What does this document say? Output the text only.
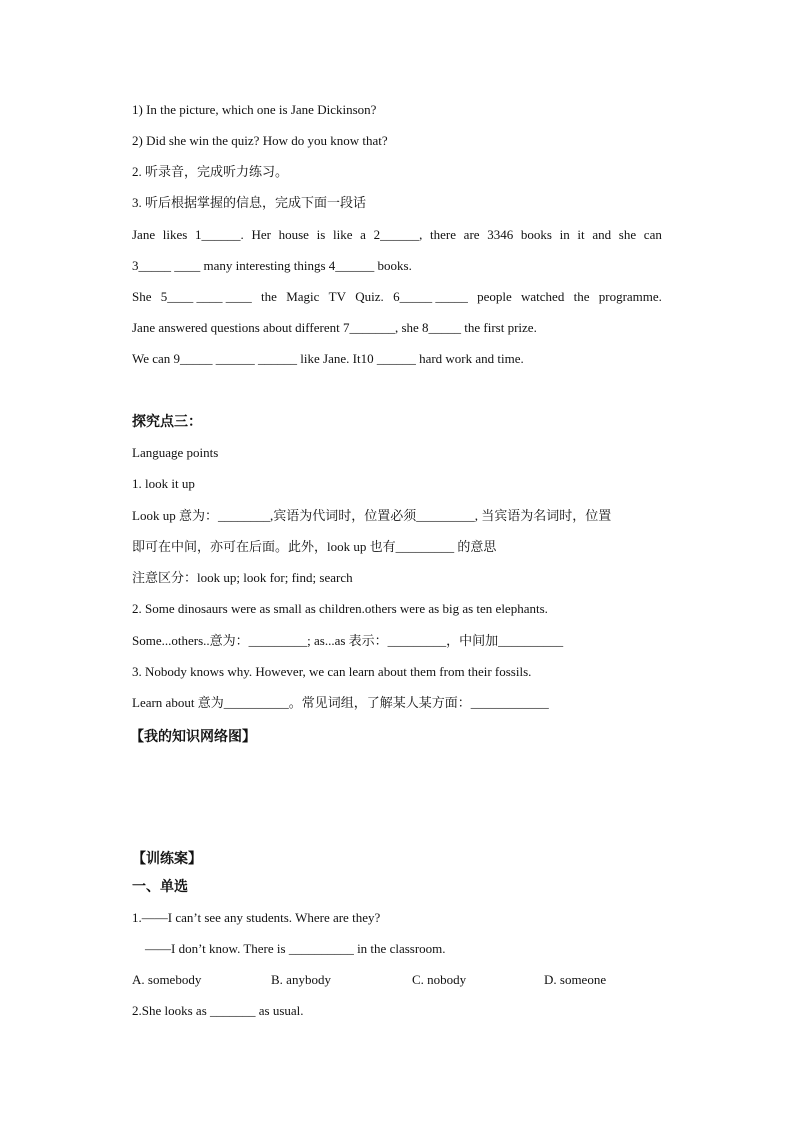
1) In the picture, which one is Jane Dickinson?
2) Did she win the quiz? How do you know that?
2. 听录音，完成听力练习。
3. 听后根据掌握的信息，完成下面一段话
Jane likes 1______. Her house is like a 2______, there are 3346 books in it and she can
3_____ ____ many interesting things 4______ books.
She 5____ ____ ____ the Magic TV Quiz. 6_____ _____ people watched the programme.
Jane answered questions about different 7_______, she 8_____ the first prize.
We can 9_____ ______ ______ like Jane. It10 ______ hard work and time.
探究点三：
Language points
1. look it up
Look up 意为：________,宾语为代词时，位置必须_________, 当宾语为名词时，位置
即可在中间，亦可在后面。此外，look up 也有_________ 的意思
注意区分：look up; look for; find; search
2. Some dinosaurs were as small as children.others were as big as ten elephants.
Some...others..意为：_________; as...as 表示：_________，中间加__________
3. Nobody knows why. However, we can learn about them from their fossils.
Learn about 意为__________。常见词组，了解某人某方面：____________
【我的知识网络图】
【训练案】
一、单选
1.——I can’t see any students. Where are they?
——I don’t know. There is __________ in the classroom.
A. somebody	B. anybody	C. nobody	D. someone
2.She looks as _______ as usual.
